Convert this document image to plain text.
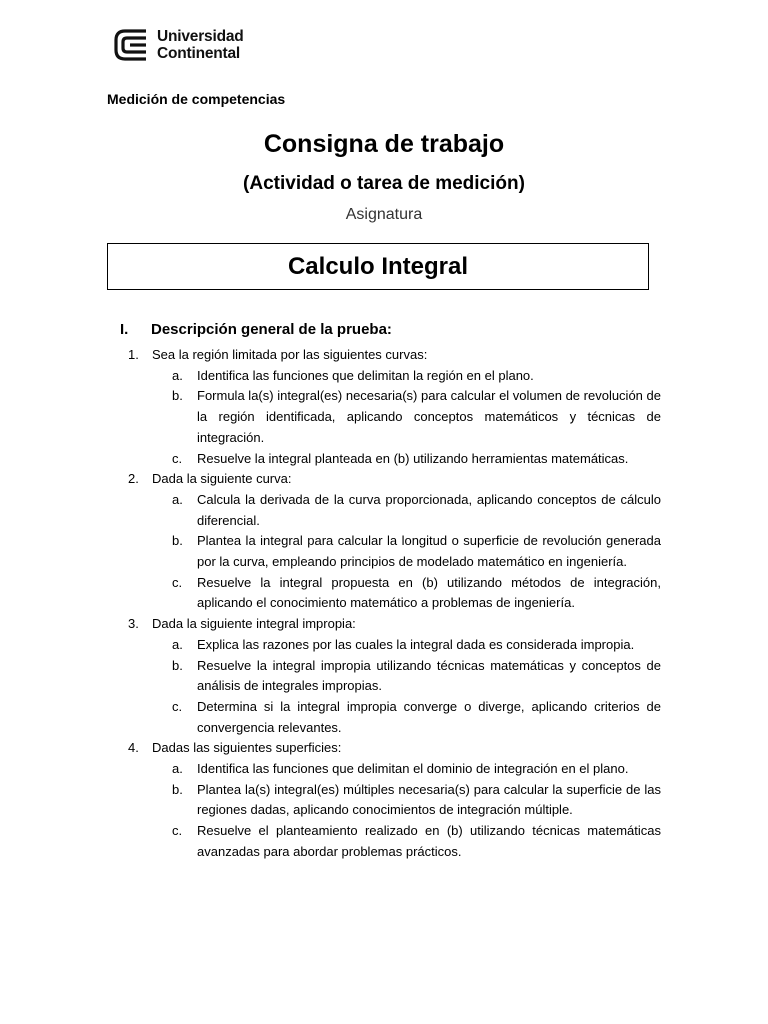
Universidad
Continental
Medición de competencias
Consigna de trabajo
(Actividad o tarea de medición)
Asignatura
Calculo Integral
I. Descripción general de la prueba:
1. Sea la región limitada por las siguientes curvas:
a. Identifica las funciones que delimitan la región en el plano.
b. Formula la(s) integral(es) necesaria(s) para calcular el volumen de revolución de la región identificada, aplicando conceptos matemáticos y técnicas de integración.
c. Resuelve la integral planteada en (b) utilizando herramientas matemáticas.
2. Dada la siguiente curva:
a. Calcula la derivada de la curva proporcionada, aplicando conceptos de cálculo diferencial.
b. Plantea la integral para calcular la longitud o superficie de revolución generada por la curva, empleando principios de modelado matemático en ingeniería.
c. Resuelve la integral propuesta en (b) utilizando métodos de integración, aplicando el conocimiento matemático a problemas de ingeniería.
3. Dada la siguiente integral impropia:
a. Explica las razones por las cuales la integral dada es considerada impropia.
b. Resuelve la integral impropia utilizando técnicas matemáticas y conceptos de análisis de integrales impropias.
c. Determina si la integral impropia converge o diverge, aplicando criterios de convergencia relevantes.
4. Dadas las siguientes superficies:
a. Identifica las funciones que delimitan el dominio de integración en el plano.
b. Plantea la(s) integral(es) múltiples necesaria(s) para calcular la superficie de las regiones dadas, aplicando conocimientos de integración múltiple.
c. Resuelve el planteamiento realizado en (b) utilizando técnicas matemáticas avanzadas para abordar problemas prácticos.
